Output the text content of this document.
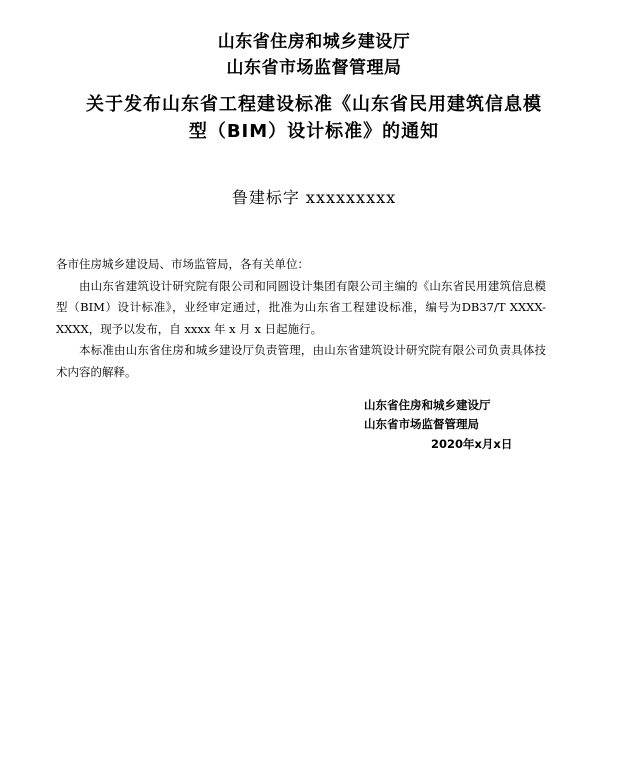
山东省住房和城乡建设厅
山东省市场监督管理局
关于发布山东省工程建设标准《山东省民用建筑信息模
型（BIM）设计标准》的通知
鲁建标字 xxxxxxxxx

各市住房城乡建设局、市场监管局，各有关单位：

由山东省建筑设计研究院有限公司和同圆设计集团有限公司主编的《山东省民用建筑信息模型（BIM）设计标准》，业经审定通过，批准为山东省工程建设标准，编号为DB37/T XXXX-XXXX，现予以发布，自 xxxx 年 x 月 x 日起施行。

本标准由山东省住房和城乡建设厅负责管理，由山东省建筑设计研究院有限公司负责具体技术内容的解释。

山东省住房和城乡建设厅
山东省市场监督管理局
2020年x月x日
